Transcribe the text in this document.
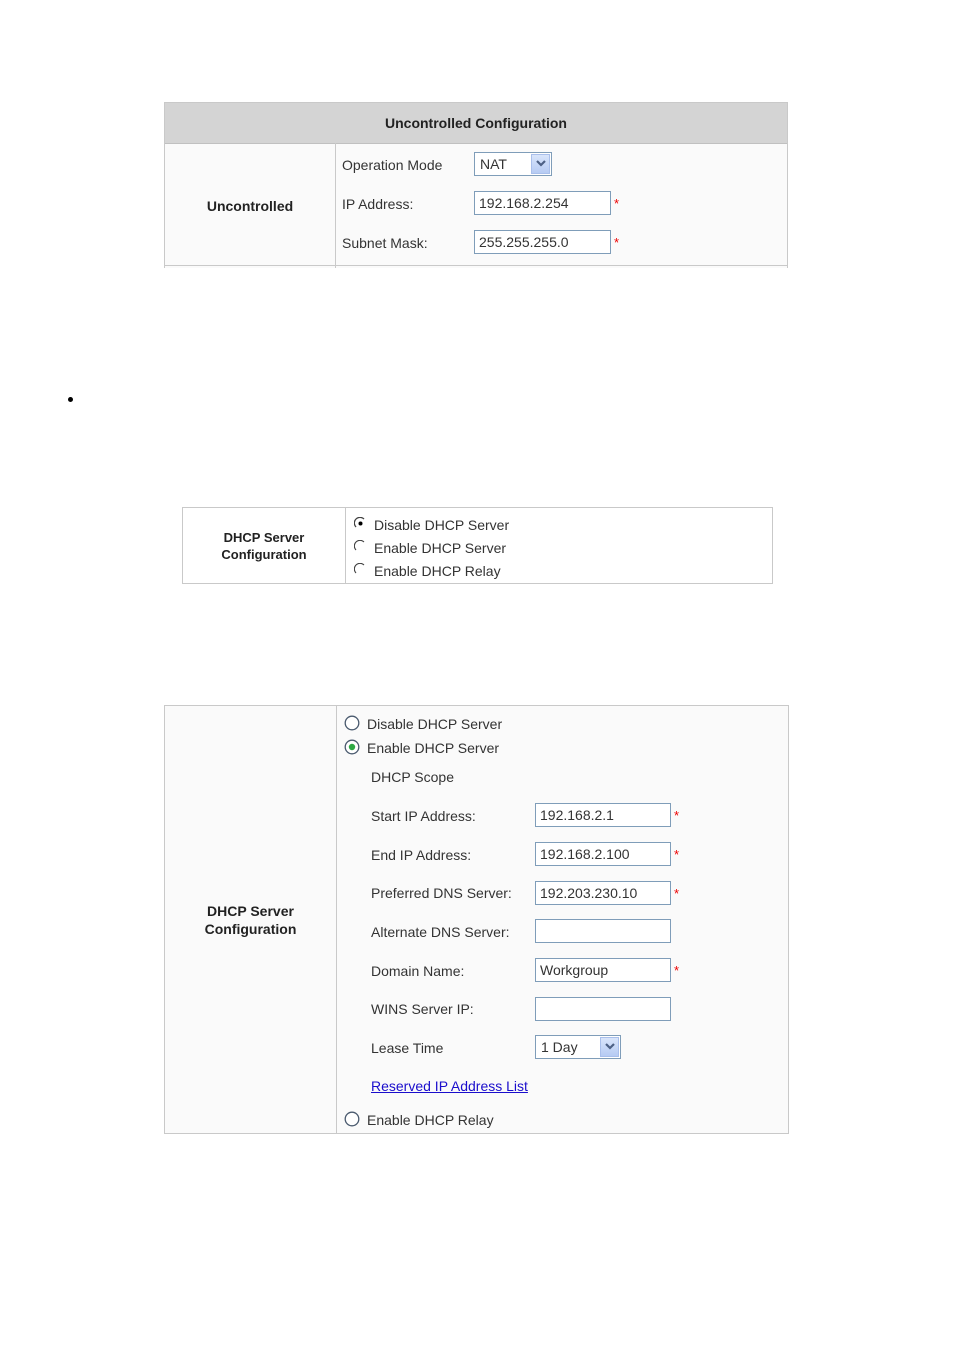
Uncontrolled Configuration
Uncontrolled
Operation Mode	NAT
IP Address:	192.168.2.254	*
Subnet Mask:	255.255.255.0	*
DHCP Server
Configuration
Disable DHCP Server
Enable DHCP Server
Enable DHCP Relay
DHCP Server
Configuration
Disable DHCP Server
Enable DHCP Server
DHCP Scope
Start IP Address:	192.168.2.1	*
End IP Address:	192.168.2.100	*
Preferred DNS Server:	192.203.230.10	*
Alternate DNS Server:
Domain Name:	Workgroup	*
WINS Server IP:
Lease Time	1 Day
Reserved IP Address List
Enable DHCP Relay
